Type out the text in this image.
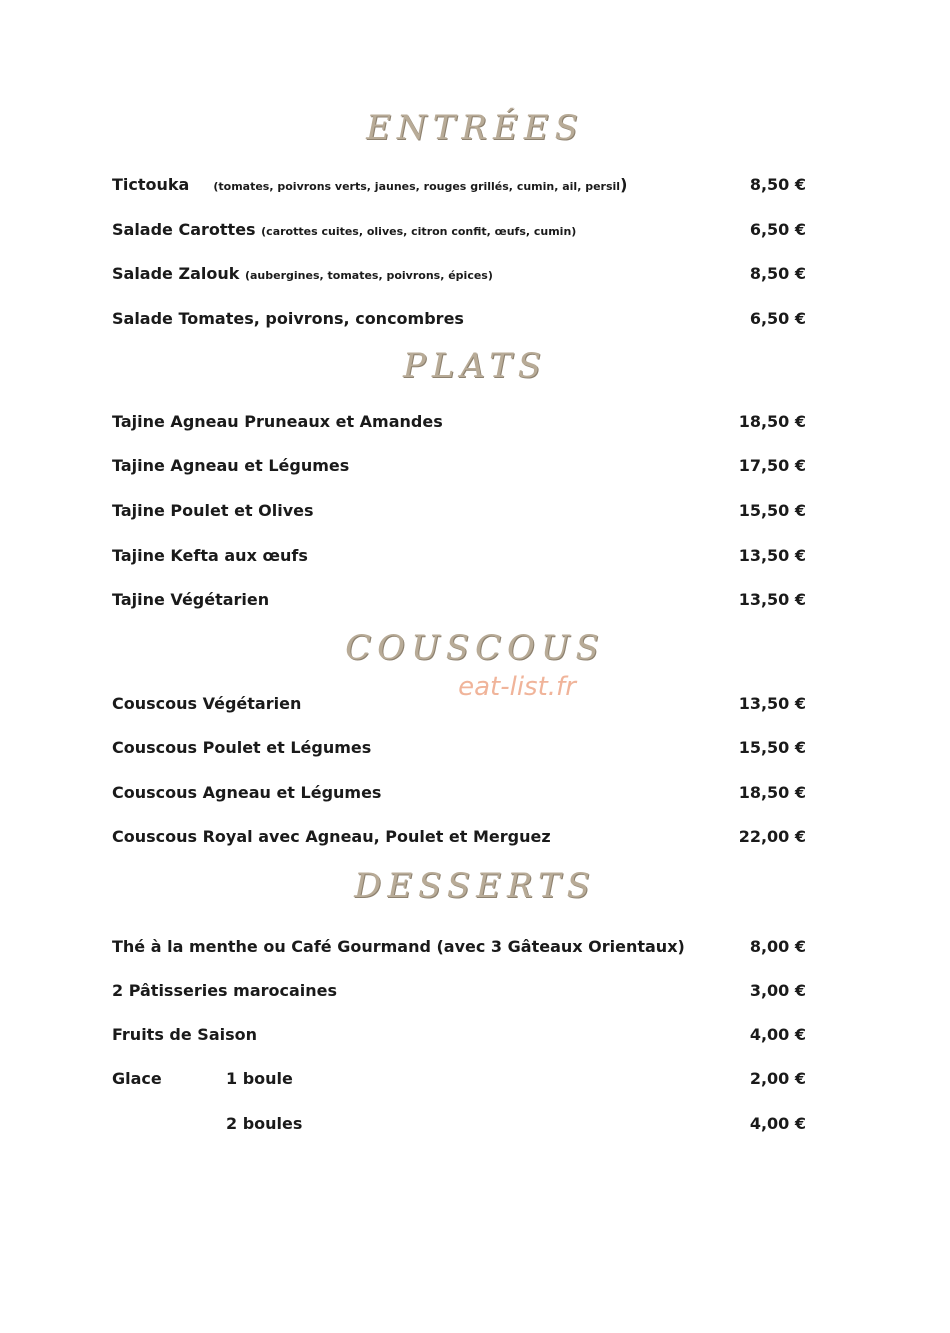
ENTRÉES
Tictouka (tomates, poivrons verts, jaunes, rouges grillés, cumin, ail, persil)	8,50 €
Salade Carottes (carottes cuites, olives, citron confit, œufs, cumin)	6,50 €
Salade Zalouk (aubergines, tomates, poivrons, épices)	8,50 €
Salade Tomates, poivrons, concombres	6,50 €
PLATS
Tajine Agneau Pruneaux et Amandes	18,50 €
Tajine Agneau et Légumes	17,50 €
Tajine Poulet et Olives	15,50 €
Tajine Kefta aux œufs	13,50 €
Tajine Végétarien	13,50 €
COUSCOUS
eat-list.fr
Couscous Végétarien	13,50 €
Couscous Poulet et Légumes	15,50 €
Couscous Agneau et Légumes	18,50 €
Couscous Royal avec Agneau, Poulet et Merguez	22,00 €
DESSERTS
Thé à la menthe ou Café Gourmand (avec 3 Gâteaux Orientaux)	8,00 €
2 Pâtisseries marocaines	3,00 €
Fruits de Saison	4,00 €
Glace	1 boule	2,00 €
2 boules	4,00 €
